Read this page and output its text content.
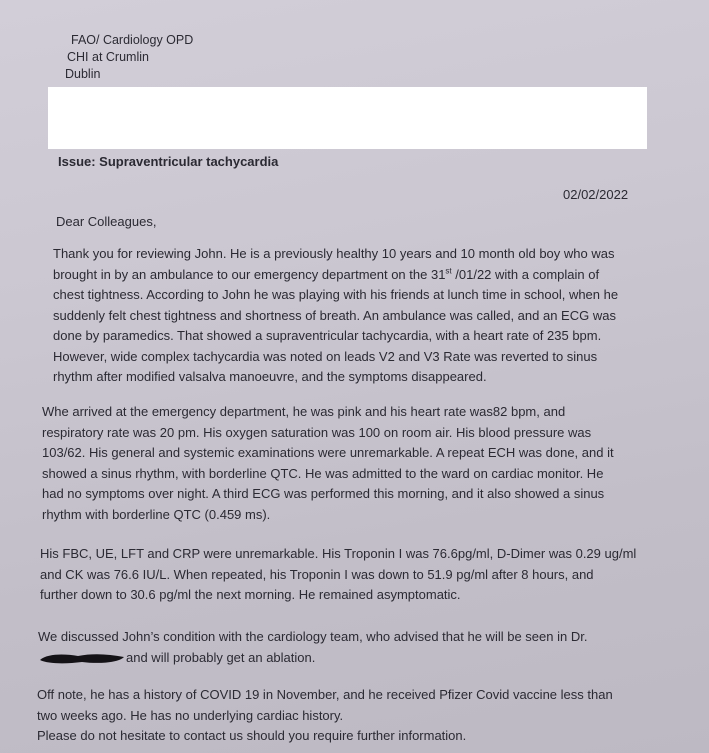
FAO/ Cardiology OPD
CHI at Crumlin
Dublin
Issue: Supraventricular tachycardia
02/02/2022
Dear Colleagues,
Thank you for reviewing John. He is a previously healthy 10 years and 10 month old boy who was
brought in by an ambulance to our emergency department on the 31st /01/22 with a complain of
chest tightness. According to John he was playing with his friends at lunch time in school, when he
suddenly felt chest tightness and shortness of breath. An ambulance was called, and an ECG was
done by paramedics. That showed a supraventricular tachycardia, with a heart rate of 235 bpm.
However, wide complex tachycardia was noted on leads V2 and V3 Rate was reverted to sinus
rhythm after modified valsalva manoeuvre, and the symptoms disappeared.
Whe arrived at the emergency department, he was pink and his heart rate was82 bpm, and
respiratory rate was 20 pm. His oxygen saturation was 100 on room air. His blood pressure was
103/62. His general and systemic examinations were unremarkable. A repeat ECH was done, and it
showed a sinus rhythm, with borderline QTC. He was admitted to the ward on cardiac monitor. He
had no symptoms over night. A third ECG was performed this morning, and it also showed a sinus
rhythm with borderline QTC (0.459 ms).
His FBC, UE, LFT and CRP were unremarkable. His Troponin I was 76.6pg/ml, D-Dimer was 0.29 ug/ml
and CK was 76.6 IU/L. When repeated, his Troponin I was down to 51.9 pg/ml after 8 hours, and
further down to 30.6 pg/ml the next morning. He remained asymptomatic.
We discussed John’s condition with the cardiology team, who advised that he will be seen in Dr.
and will probably get an ablation.
Off note, he has a history of COVID 19 in November, and he received Pfizer Covid vaccine less than
two weeks ago. He has no underlying cardiac history.
Please do not hesitate to contact us should you require further information.
